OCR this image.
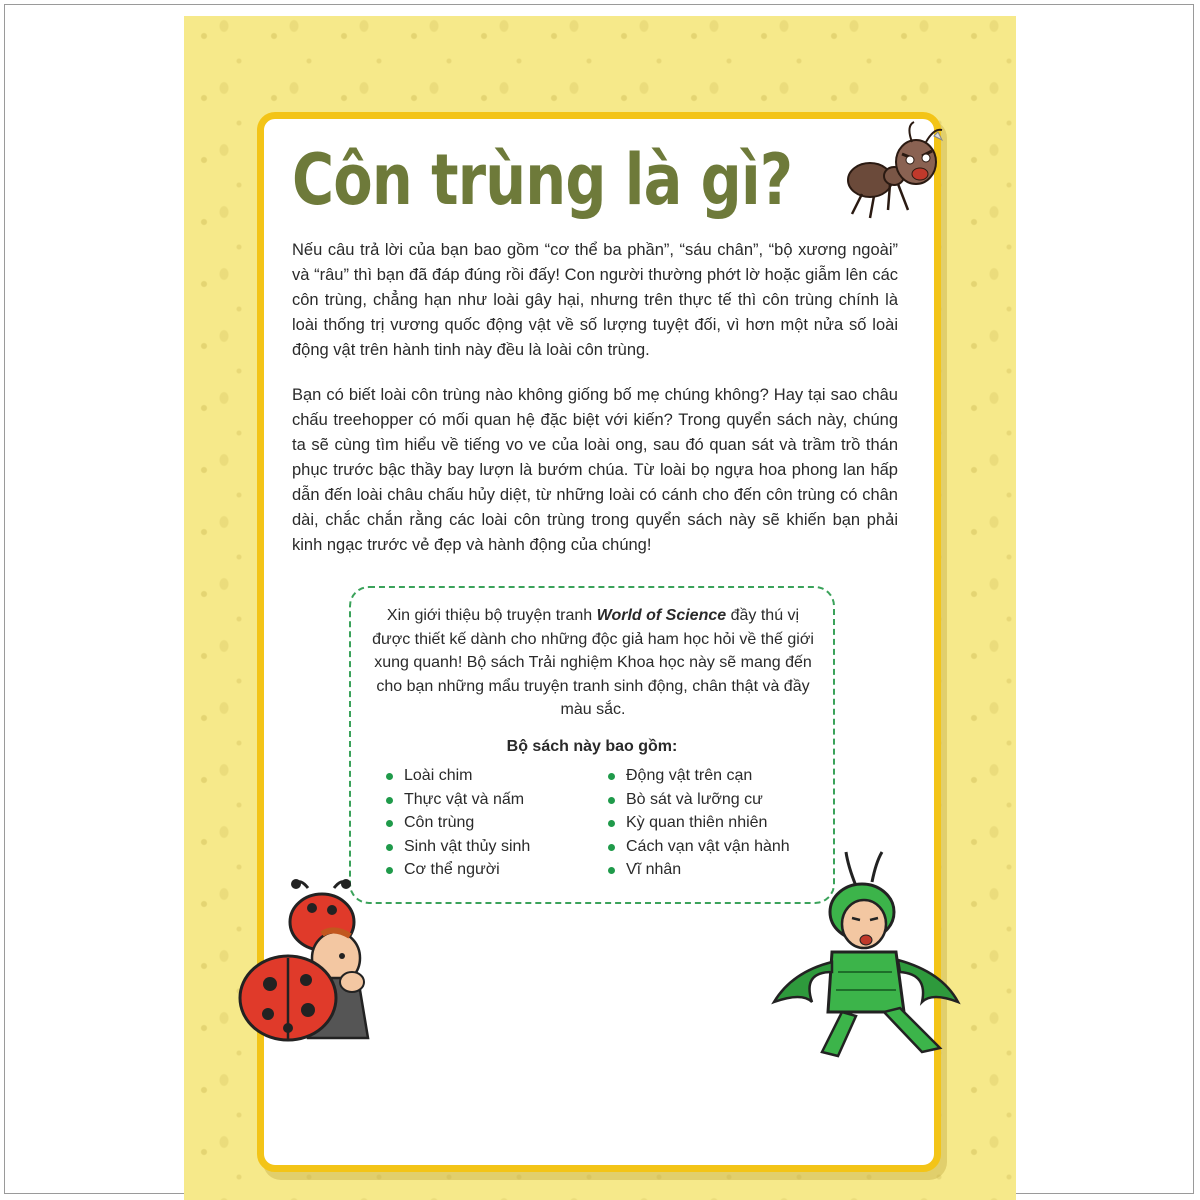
Côn trùng là gì?

Nếu câu trả lời của bạn bao gồm “cơ thể ba phần”, “sáu chân”, “bộ xương ngoài” và “râu” thì bạn đã đáp đúng rồi đấy! Con người thường phớt lờ hoặc giẫm lên các côn trùng, chẳng hạn như loài gây hại, nhưng trên thực tế thì côn trùng chính là loài thống trị vương quốc động vật về số lượng tuyệt đối, vì hơn một nửa số loài động vật trên hành tinh này đều là loài côn trùng.

Bạn có biết loài côn trùng nào không giống bố mẹ chúng không? Hay tại sao châu chấu treehopper có mối quan hệ đặc biệt với kiến? Trong quyển sách này, chúng ta sẽ cùng tìm hiểu về tiếng vo ve của loài ong, sau đó quan sát và trầm trồ thán phục trước bậc thầy bay lượn là bướm chúa. Từ loài bọ ngựa hoa phong lan hấp dẫn đến loài châu chấu hủy diệt, từ những loài có cánh cho đến côn trùng có chân dài, chắc chắn rằng các loài côn trùng trong quyển sách này sẽ khiến bạn phải kinh ngạc trước vẻ đẹp và hành động của chúng!

Xin giới thiệu bộ truyện tranh World of Science đầy thú vị được thiết kế dành cho những độc giả ham học hỏi về thế giới xung quanh! Bộ sách Trải nghiệm Khoa học này sẽ mang đến cho bạn những mẩu truyện tranh sinh động, chân thật và đầy màu sắc.

Bộ sách này bao gồm:

Loài chim
Thực vật và nấm
Côn trùng
Sinh vật thủy sinh
Cơ thể người
Động vật trên cạn
Bò sát và lưỡng cư
Kỳ quan thiên nhiên
Cách vạn vật vận hành
Vĩ nhân
